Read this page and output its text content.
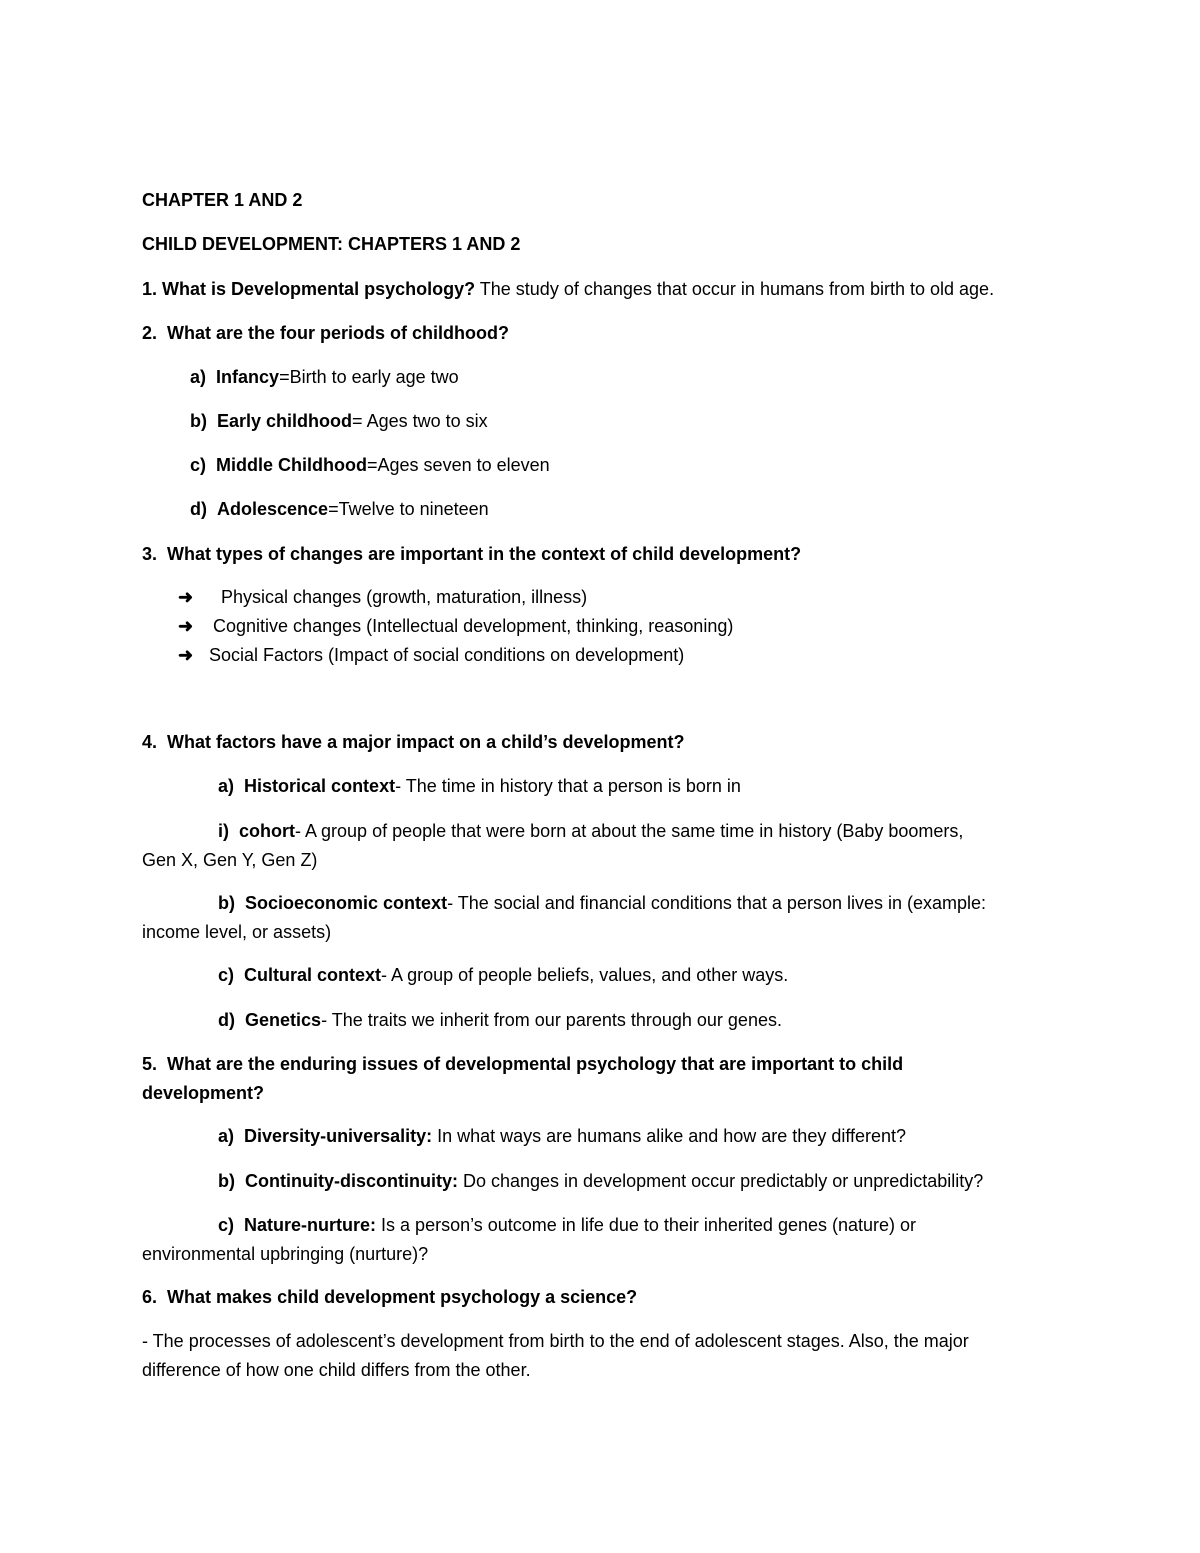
CHAPTER 1 AND 2
CHILD DEVELOPMENT: CHAPTERS 1 AND 2
1. What is Developmental psychology? The study of changes that occur in humans from birth to old age.
2. What are the four periods of childhood?
a) Infancy=Birth to early age two
b) Early childhood= Ages two to six
c) Middle Childhood=Ages seven to eleven
d) Adolescence=Twelve to nineteen
3. What types of changes are important in the context of child development?
➜ Physical changes (growth, maturation, illness)
➜ Cognitive changes (Intellectual development, thinking, reasoning)
➜ Social Factors (Impact of social conditions on development)
4. What factors have a major impact on a child’s development?
a) Historical context- The time in history that a person is born in
i) cohort- A group of people that were born at about the same time in history (Baby boomers,
Gen X, Gen Y, Gen Z)
b) Socioeconomic context- The social and financial conditions that a person lives in (example:
income level, or assets)
c) Cultural context- A group of people beliefs, values, and other ways.
d) Genetics- The traits we inherit from our parents through our genes.
5. What are the enduring issues of developmental psychology that are important to child
development?
a) Diversity-universality: In what ways are humans alike and how are they different?
b) Continuity-discontinuity: Do changes in development occur predictably or unpredictability?
c) Nature-nurture: Is a person’s outcome in life due to their inherited genes (nature) or
environmental upbringing (nurture)?
6. What makes child development psychology a science?
- The processes of adolescent’s development from birth to the end of adolescent stages. Also, the major
difference of how one child differs from the other.
